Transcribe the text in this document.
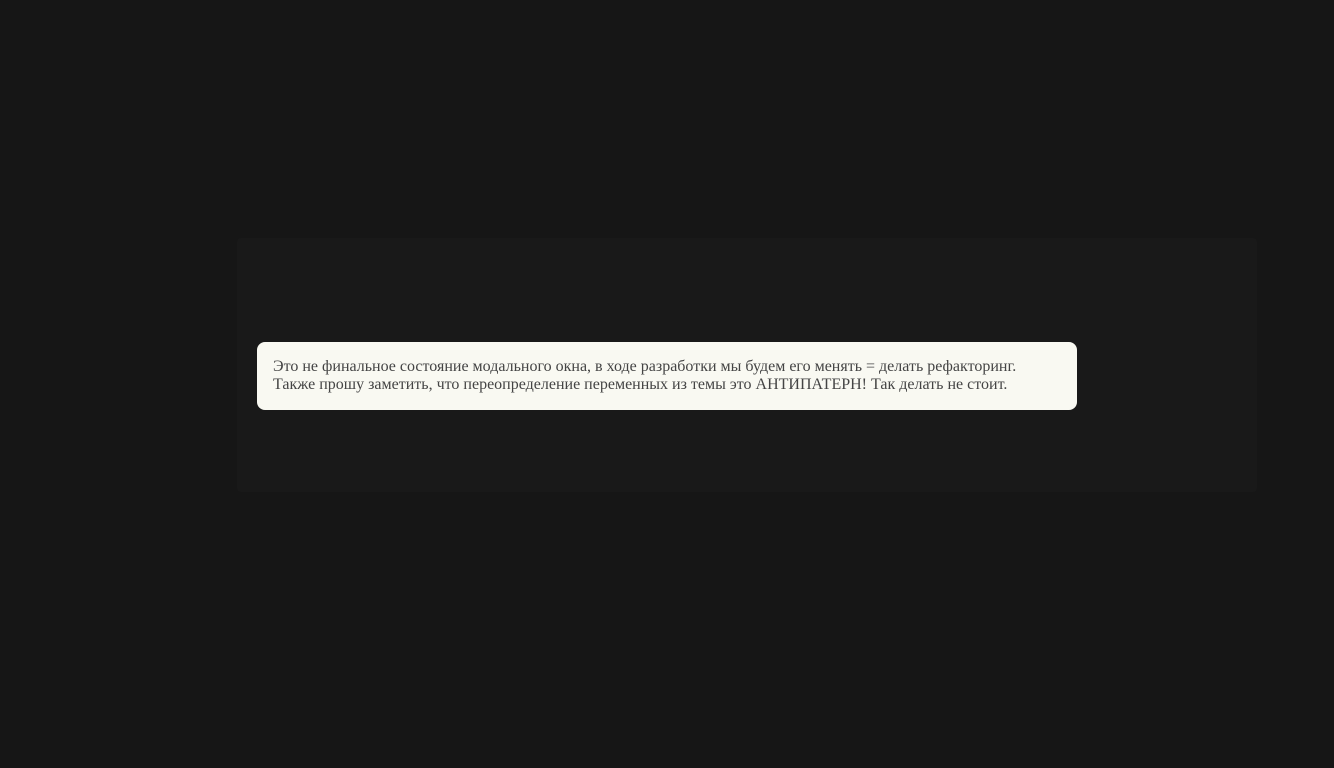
Это не финальное состояние модального окна, в ходе разработки мы будем его менять = делать рефакторинг.
Также прошу заметить, что переопределение переменных из темы это АНТИПАТЕРН! Так делать не стоит.
